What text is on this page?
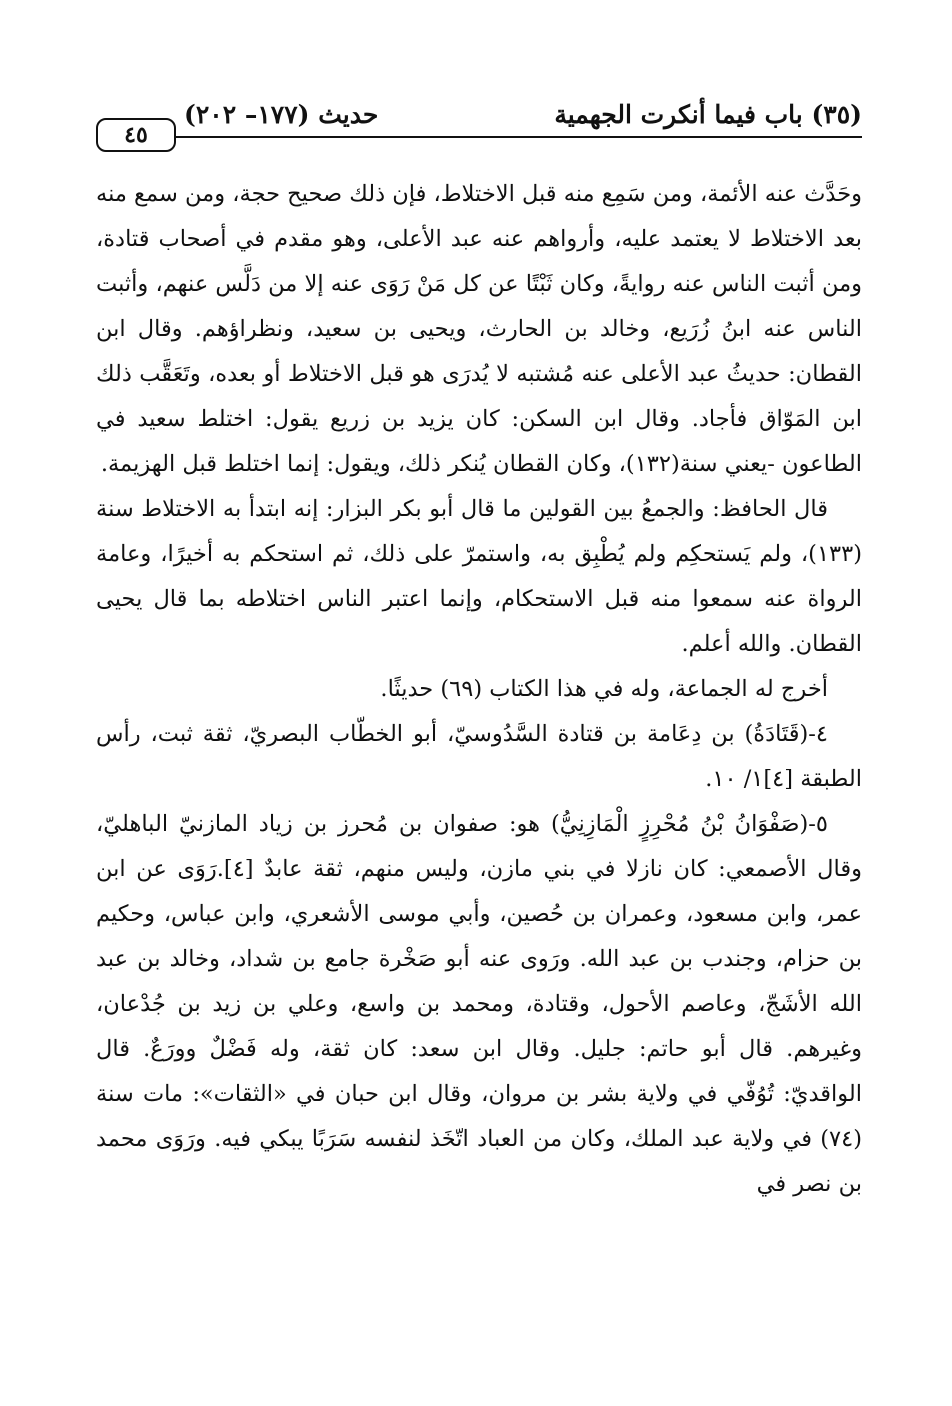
(٣٥) باب فيما أنكرت الجهمية
حديث (١٧٧– ٢٠٢)
٤٥

وحَدَّث عنه الأئمة، ومن سَمِع منه قبل الاختلاط، فإن ذلك صحيح حجة، ومن سمع منه بعد الاختلاط لا يعتمد عليه، وأرواهم عنه عبد الأعلى، وهو مقدم في أصحاب قتادة، ومن أثبت الناس عنه روايةً، وكان ثَبْتًا عن كل مَنْ رَوَى عنه إلا من دَلَّس عنهم، وأثبت الناس عنه ابنُ زُرَيع، وخالد بن الحارث، ويحيى بن سعيد، ونظراؤهم. وقال ابن القطان: حديثُ عبد الأعلى عنه مُشتبه لا يُدرَى هو قبل الاختلاط أو بعده، وتَعَقَّب ذلك ابن المَوّاق فأجاد. وقال ابن السكن: كان يزيد بن زريع يقول: اختلط سعيد في الطاعون -يعني سنة(١٣٢)، وكان القطان يُنكر ذلك، ويقول: إنما اختلط قبل الهزيمة.

قال الحافظ: والجمعُ بين القولين ما قال أبو بكر البزار: إنه ابتدأ به الاختلاط سنة (١٣٣)، ولم يَستحكِم ولم يُطْبِق به، واستمرّ على ذلك، ثم استحكم به أخيرًا، وعامة الرواة عنه سمعوا منه قبل الاستحكام، وإنما اعتبر الناس اختلاطه بما قال يحيى القطان. والله أعلم.

أخرج له الجماعة، وله في هذا الكتاب (٦٩) حديثًا.

٤-(قَتَادَةُ) بن دِعَامة بن قتادة السَّدُوسيّ، أبو الخطّاب البصريّ، ثقة ثبت، رأس الطبقة [٤]١/ ١٠.

٥-(صَفْوَانُ بْنُ مُحْرِزٍ الْمَازِنِيُّ) هو: صفوان بن مُحرز بن زياد المازنيّ الباهليّ، وقال الأصمعي: كان نازلا في بني مازن، وليس منهم، ثقة عابدٌ [٤].رَوَى عن ابن عمر، وابن مسعود، وعمران بن حُصين، وأبي موسى الأشعري، وابن عباس، وحكيم بن حزام، وجندب بن عبد الله. ورَوى عنه أبو صَخْرة جامع بن شداد، وخالد بن عبد الله الأشَجّ، وعاصم الأحول، وقتادة، ومحمد بن واسع، وعلي بن زيد بن جُدْعان، وغيرهم. قال أبو حاتم: جليل. وقال ابن سعد: كان ثقة، وله فَضْلٌ وورَعٌ. قال الواقديّ: تُوُفّي في ولاية بشر بن مروان، وقال ابن حبان في «الثقات»: مات سنة (٧٤) في ولاية عبد الملك، وكان من العباد اتّخَذ لنفسه سَرَبًا يبكي فيه. ورَوَى محمد بن نصر في
